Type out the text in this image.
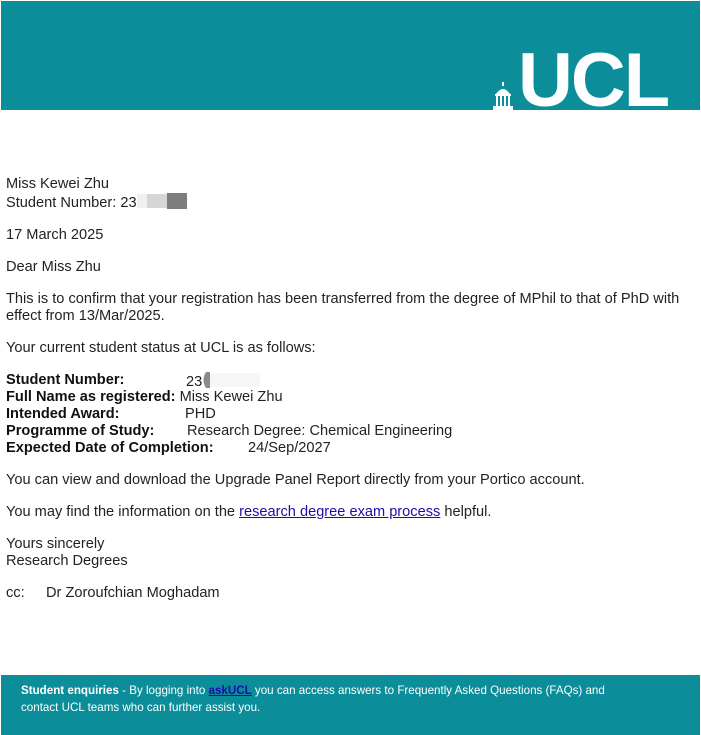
UCL

Miss Kewei Zhu
Student Number: 23

17 March 2025

Dear Miss Zhu

This is to confirm that your registration has been transferred from the degree of MPhil to that of PhD with effect from 13/Mar/2025.

Your current student status at UCL is as follows:

Student Number:	23
Full Name as registered: Miss Kewei Zhu
Intended Award:	PHD
Programme of Study: Research Degree: Chemical Engineering
Expected Date of Completion: 24/Sep/2027

You can view and download the Upgrade Panel Report directly from your Portico account.

You may find the information on the research degree exam process helpful.

Yours sincerely
Research Degrees

cc:	Dr Zoroufchian Moghadam
Student enquiries - By logging into askUCL you can access answers to Frequently Asked Questions (FAQs) and contact UCL teams who can further assist you.
